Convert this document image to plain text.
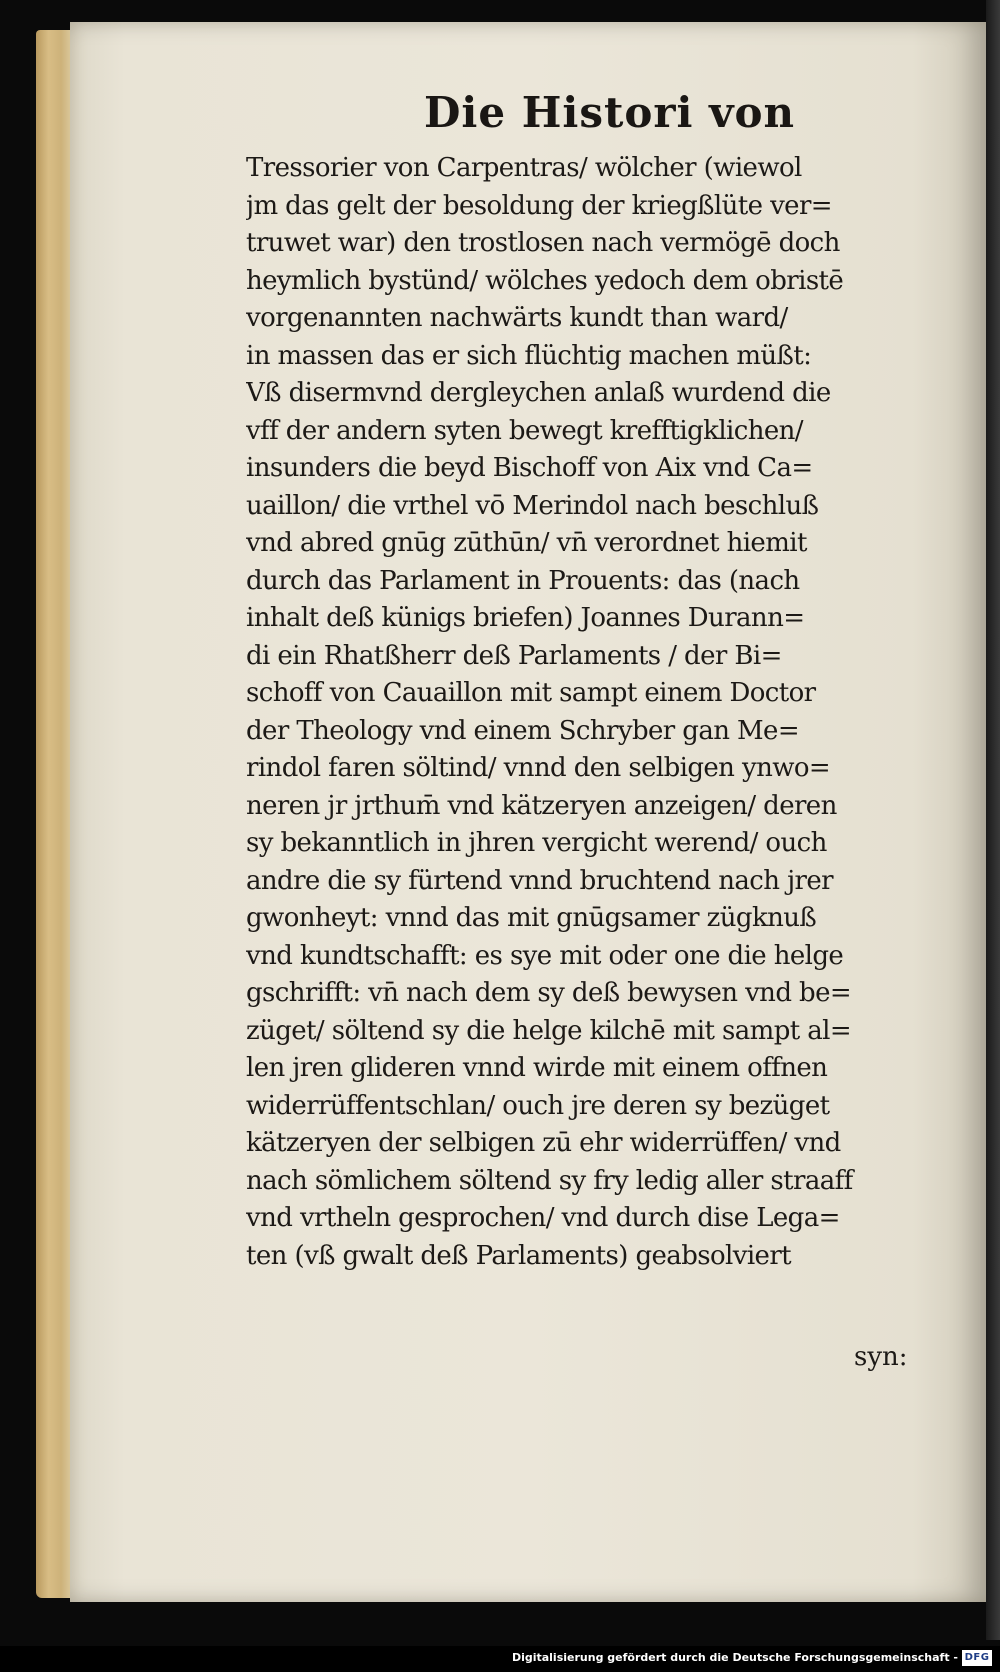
Die Histori von
Tressorier von Carpentras/ wölcher (wiewol
jm das gelt der besoldung der kriegßlüte ver=
truwet war) den trostlosen nach vermögē doch
heymlich bystünd/ wölches yedoch dem obristē
vorgenannten nachwärts kundt than ward/
in massen das er sich flüchtig machen müßt:
Vß disermvnd dergleychen anlaß wurdend die
vff der andern syten bewegt krefftigklichen/
insunders die beyd Bischoff von Aix vnd Ca=
uaillon/ die vrthel vō Merindol nach beschluß
vnd abred gnūg zūthūn/ vn̄ verordnet hiemit
durch das Parlament in Prouents: das (nach
inhalt deß künigs briefen) Joannes Durann=
di ein Rhatßherr deß Parlaments / der Bi=
schoff von Cauaillon mit sampt einem Doctor
der Theology vnd einem Schryber gan Me=
rindol faren söltind/ vnnd den selbigen ynwo=
neren jr jrthum̄ vnd kätzeryen anzeigen/ deren
sy bekanntlich in jhren vergicht werend/ ouch
andre die sy fürtend vnnd bruchtend nach jrer
gwonheyt: vnnd das mit gnūgsamer zügknuß
vnd kundtschafft: es sye mit oder one die helge
gschrifft: vn̄ nach dem sy deß bewysen vnd be=
züget/ söltend sy die helge kilchē mit sampt al=
len jren glideren vnnd wirde mit einem offnen
widerrüffentschlan/ ouch jre deren sy bezüget
kätzeryen der selbigen zū ehr widerrüffen/ vnd
nach sömlichem söltend sy fry ledig aller straaff
vnd vrtheln gesprochen/ vnd durch dise Lega=
ten (vß gwalt deß Parlaments) geabsolviert

syn:

Digitalisierung gefördert durch die Deutsche Forschungsgemeinschaft - DFG
